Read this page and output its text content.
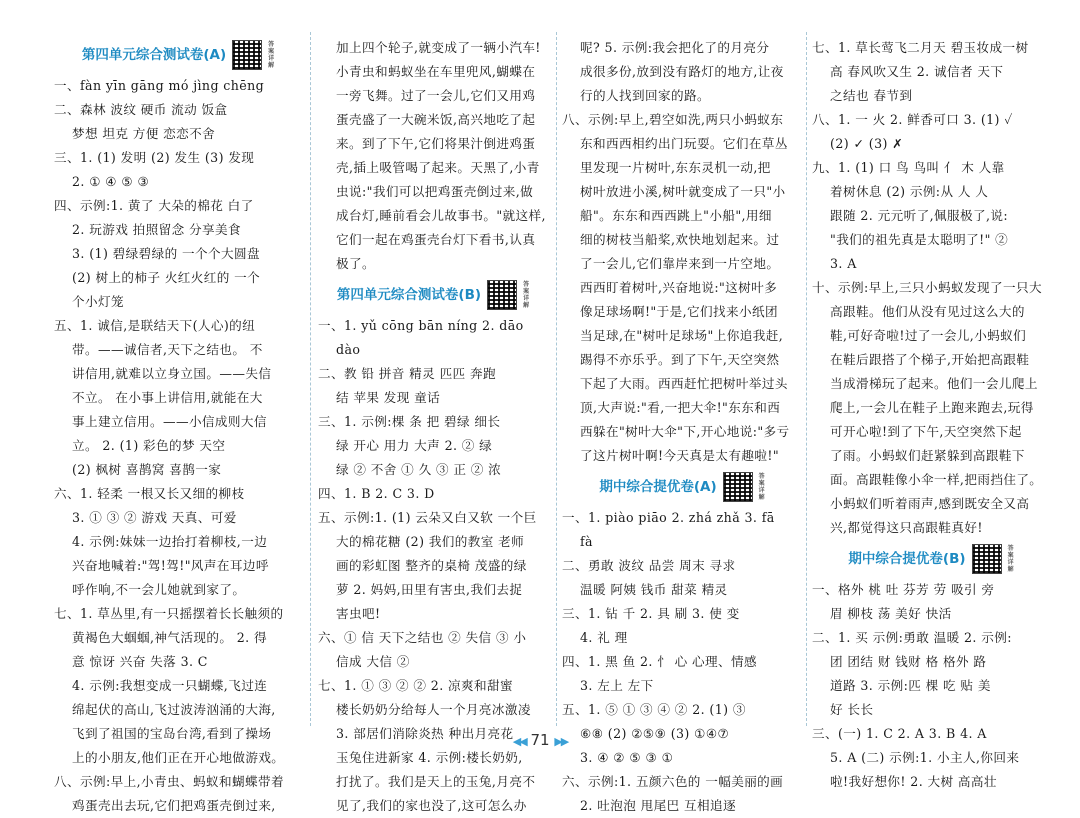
第四单元综合测试卷(A)
答案详解
一、fàn yīn gāng mó jìng chēng
二、森林 波纹 硬币 流动 饭盒
梦想 坦克 方便 恋恋不舍
三、1. (1) 发明 (2) 发生 (3) 发现
2. ① ④ ⑤ ③
四、示例:1. 黄了 大朵的棉花 白了
2. 玩游戏 拍照留念 分享美食
3. (1) 碧绿碧绿的 一个个大圆盘
(2) 树上的柿子 火红火红的 一个
个小灯笼
五、1. 诚信,是联结天下(人心)的纽
带。——诚信者,天下之结也。 不
讲信用,就难以立身立国。——失信
不立。 在小事上讲信用,就能在大
事上建立信用。——小信成则大信
立。 2. (1) 彩色的梦 天空
(2) 枫树 喜鹊窝 喜鹊一家
六、1. 轻柔 一根又长又细的柳枝
3. ① ③ ② 游戏 天真、可爱
4. 示例:妹妹一边抬打着柳枝,一边
兴奋地喊着:"驾!驾!"风声在耳边呼
呼作响,不一会儿她就到家了。
七、1. 草丛里,有一只摇摆着长长触须的
黄褐色大蝈蝈,神气活现的。 2. 得
意 惊讶 兴奋 失落 3. C
4. 示例:我想变成一只蝴蝶,飞过连
绵起伏的高山,飞过波涛汹涌的大海,
飞到了祖国的宝岛台湾,看到了操场
上的小朋友,他们正在开心地做游戏。
八、示例:早上,小青虫、蚂蚁和蝴蝶带着
鸡蛋壳出去玩,它们把鸡蛋壳倒过来,
加上四个轮子,就变成了一辆小汽车!
小青虫和蚂蚁坐在车里兜风,蝴蝶在
一旁飞舞。过了一会儿,它们又用鸡
蛋壳盛了一大碗米饭,高兴地吃了起
来。到了下午,它们将果汁倒进鸡蛋
壳,插上吸管喝了起来。天黑了,小青
虫说:"我们可以把鸡蛋壳倒过来,做
成台灯,睡前看会儿故事书。"就这样,
它们一起在鸡蛋壳台灯下看书,认真
极了。
第四单元综合测试卷(B)
答案详解
一、1. yǔ cōng bān níng 2. dāo
dào
二、教 铅 拼音 精灵 匹匹 奔跑
结 苹果 发现 童话
三、1. 示例:棵 条 把 碧绿 细长
绿 开心 用力 大声 2. ② 绿
绿 ② 不舍 ① 久 ③ 正 ② 浓
四、1. B 2. C 3. D
五、示例:1. (1) 云朵又白又软 一个巨
大的棉花糖 (2) 我们的教室 老师
画的彩虹图 整齐的桌椅 茂盛的绿
萝 2. 妈妈,田里有害虫,我们去捉
害虫吧!
六、① 信 天下之结也 ② 失信 ③ 小
信成 大信 ②
七、1. ① ③ ② ② 2. 凉爽和甜蜜
楼长奶奶分给每人一个月亮冰激凌
3. 部居们消除炎热 种出月亮花
玉兔住进新家 4. 示例:楼长奶奶,
打扰了。我们是天上的玉兔,月亮不
见了,我们的家也没了,这可怎么办
呢? 5. 示例:我会把化了的月亮分
成很多份,放到没有路灯的地方,让夜
行的人找到回家的路。
八、示例:早上,碧空如洗,两只小蚂蚁东
东和西西相约出门玩耍。它们在草丛
里发现一片树叶,东东灵机一动,把
树叶放进小溪,树叶就变成了一只"小
船"。东东和西西跳上"小船",用细
细的树枝当船桨,欢快地划起来。过
了一会儿,它们靠岸来到一片空地。
西西盯着树叶,兴奋地说:"这树叶多
像足球场啊!"于是,它们找来小纸团
当足球,在"树叶足球场"上你追我赶,
踢得不亦乐乎。到了下午,天空突然
下起了大雨。西西赶忙把树叶举过头
顶,大声说:"看,一把大伞!"东东和西
西躲在"树叶大伞"下,开心地说:"多亏
了这片树叶啊!今天真是太有趣啦!"
期中综合提优卷(A)
答案详解
一、1. piào piāo 2. zhá zhǎ 3. fā
fà
二、勇敢 波纹 品尝 周末 寻求
温暖 阿姨 钱币 甜菜 精灵
三、1. 钻 千 2. 具 刷 3. 使 变
4. 礼 理
四、1. 黑 鱼 2. 忄 心 心理、情感
3. 左上 左下
五、1. ⑤ ① ③ ④ ② 2. (1) ③
⑥⑧ (2) ②⑤⑨ (3) ①④⑦
3. ④ ② ⑤ ③ ①
六、示例:1. 五颜六色的 一幅美丽的画
2. 吐泡泡 甩尾巴 互相追逐
七、1. 草长莺飞二月天 碧玉妆成一树
高 春风吹又生 2. 诚信者 天下
之结也 春节到
八、1. 一 火 2. 鲜香可口 3. (1) ✓
(2) ✓ (3) ✗
九、1. (1) 口 鸟 鸟叫 亻 木 人靠
着树休息 (2) 示例:从 人 人
跟随 2. 元元听了,佩服极了,说:
"我们的祖先真是太聪明了!" ②
3. A
十、示例:早上,三只小蚂蚁发现了一只大
高跟鞋。他们从没有见过这么大的
鞋,可好奇啦!过了一会儿,小蚂蚁们
在鞋后跟搭了个梯子,开始把高跟鞋
当成滑梯玩了起来。他们一会儿爬上
爬上,一会儿在鞋子上跑来跑去,玩得
可开心啦!到了下午,天空突然下起
了雨。小蚂蚁们赶紧躲到高跟鞋下
面。高跟鞋像小伞一样,把雨挡住了。
小蚂蚁们听着雨声,感到既安全又高
兴,都觉得这只高跟鞋真好!
期中综合提优卷(B)
答案详解
一、格外 桃 吐 芬芳 劳 吸引 旁
眉 柳枝 荡 美好 快活
二、1. 买 示例:勇敢 温暖 2. 示例:
团 团结 财 钱财 格 格外 路
道路 3. 示例:匹 棵 吃 贴 美
好 长长
三、(一) 1. C 2. A 3. B 4. A
5. A (二) 示例:1. 小主人,你回来
啦!我好想你! 2. 大树 高高壮
◀◀ 71 ▶▶
